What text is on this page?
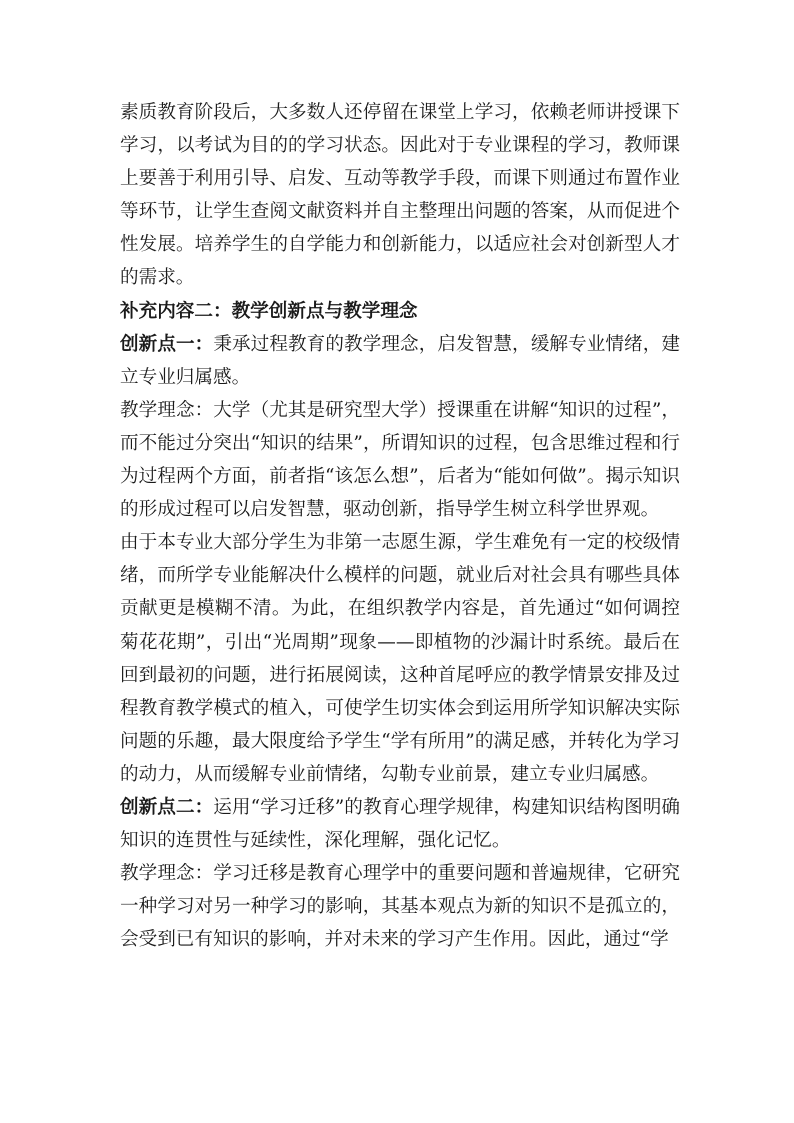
素质教育阶段后，大多数人还停留在课堂上学习，依赖老师讲授课下学习，以考试为目的的学习状态。因此对于专业课程的学习，教师课上要善于利用引导、启发、互动等教学手段，而课下则通过布置作业等环节，让学生查阅文献资料并自主整理出问题的答案，从而促进个性发展。培养学生的自学能力和创新能力，以适应社会对创新型人才的需求。

补充内容二：教学创新点与教学理念

创新点一：秉承过程教育的教学理念，启发智慧，缓解专业情绪，建立专业归属感。

教学理念：大学（尤其是研究型大学）授课重在讲解“知识的过程”，而不能过分突出“知识的结果”，所谓知识的过程，包含思维过程和行为过程两个方面，前者指“该怎么想”，后者为“能如何做”。揭示知识的形成过程可以启发智慧，驱动创新，指导学生树立科学世界观。

由于本专业大部分学生为非第一志愿生源，学生难免有一定的校级情绪，而所学专业能解决什么模样的问题，就业后对社会具有哪些具体贡献更是模糊不清。为此，在组织教学内容是，首先通过“如何调控菊花花期”，引出“光周期”现象——即植物的沙漏计时系统。最后在回到最初的问题，进行拓展阅读，这种首尾呼应的教学情景安排及过程教育教学模式的植入，可使学生切实体会到运用所学知识解决实际问题的乐趣，最大限度给予学生“学有所用”的满足感，并转化为学习的动力，从而缓解专业前情绪，勾勒专业前景，建立专业归属感。

创新点二：运用“学习迁移”的教育心理学规律，构建知识结构图明确知识的连贯性与延续性，深化理解，强化记忆。

教学理念：学习迁移是教育心理学中的重要问题和普遍规律，它研究一种学习对另一种学习的影响，其基本观点为新的知识不是孤立的，会受到已有知识的影响，并对未来的学习产生作用。因此，通过“学
